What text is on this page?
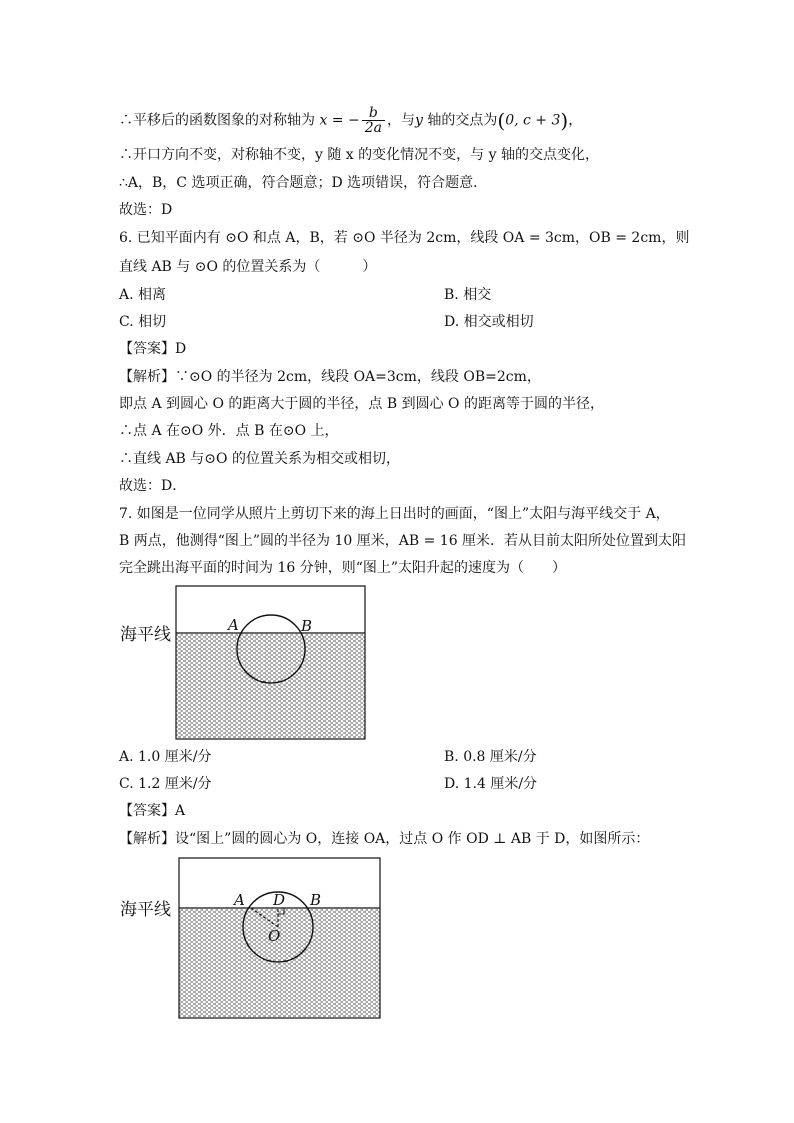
∴平移后的函数图象的对称轴为 x = − $\frac{b}{2a}$ ，与y 轴的交点为(0, c + 3)，
∴开口方向不变，对称轴不变，y 随 x 的变化情况不变，与 y 轴的交点变化，
∴A，B，C 选项正确，符合题意；D 选项错误，符合题意．
故选：D
6. 已知平面内有 ⊙O 和点 A，B，若 ⊙O 半径为 2cm，线段 OA = 3cm，OB = 2cm，则
直线 AB 与 ⊙O 的位置关系为（　　　）
A. 相离	B. 相交
C. 相切	D. 相交或相切
【答案】D
【解析】∵⊙O 的半径为 2cm，线段 OA=3cm，线段 OB=2cm，
即点 A 到圆心 O 的距离大于圆的半径，点 B 到圆心 O 的距离等于圆的半径，
∴点 A 在⊙O 外．点 B 在⊙O 上，
∴直线 AB 与⊙O 的位置关系为相交或相切，
故选：D．
7. 如图是一位同学从照片上剪切下来的海上日出时的画面，“图上”太阳与海平线交于 A，
B 两点，他测得“图上”圆的半径为 10 厘米，AB = 16 厘米．若从目前太阳所处位置到太阳
完全跳出海平面的时间为 16 分钟，则“图上”太阳升起的速度为（　　）
海平线	A	B
A. 1.0 厘米/分	B. 0.8 厘米/分
C. 1.2 厘米/分	D. 1.4 厘米/分
【答案】A
【解析】设“图上”圆的圆心为 O，连接 OA，过点 O 作 OD ⊥ AB 于 D，如图所示：
海平线	A D B
O
